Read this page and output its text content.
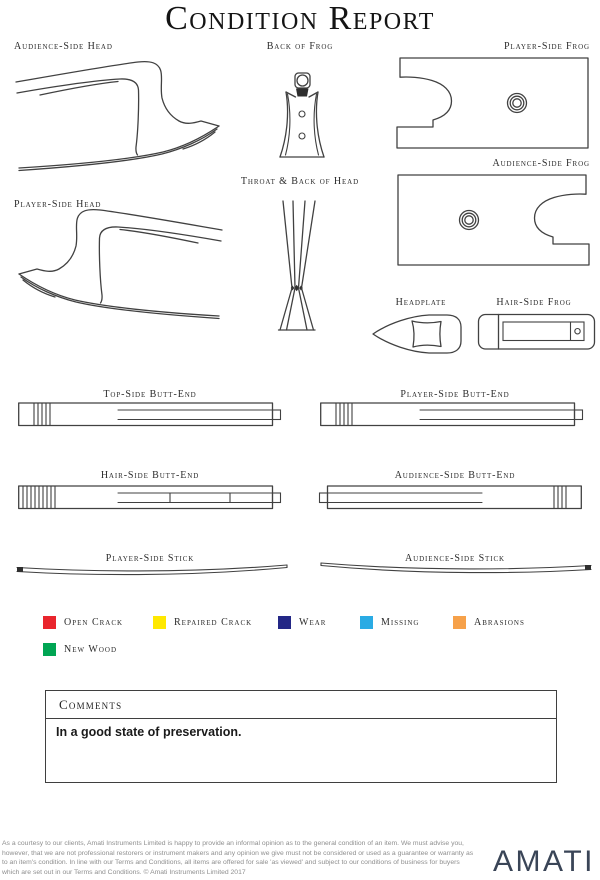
Condition Report
Audience-Side Head	Back of Frog	Player-Side Frog
Audience-Side Frog
Player-Side Head
Throat & Back of Head
Headplate	Hair-Side Frog
Top-Side Butt-End	Player-Side Butt-End
Hair-Side Butt-End	Audience-Side Butt-End
Player-Side Stick	Audience-Side Stick
Open Crack	Repaired Crack	Wear	Missing	Abrasions
New Wood
Comments
In a good state of preservation.
As a courtesy to our clients, Amati Instruments Limited is happy to provide an informal opinion as to the general condition of an item. We must advise you, however, that we are not professional restorers or instrument makers and any opinion we give must not be considered or used as a guarantee or warranty as to an item's condition. In line with our Terms and Conditions, all items are offered for sale 'as viewed' and subject to our conditions of business for buyers which are set out in our Terms and Conditions. © Amati Instruments Limited 2017	AMATI
